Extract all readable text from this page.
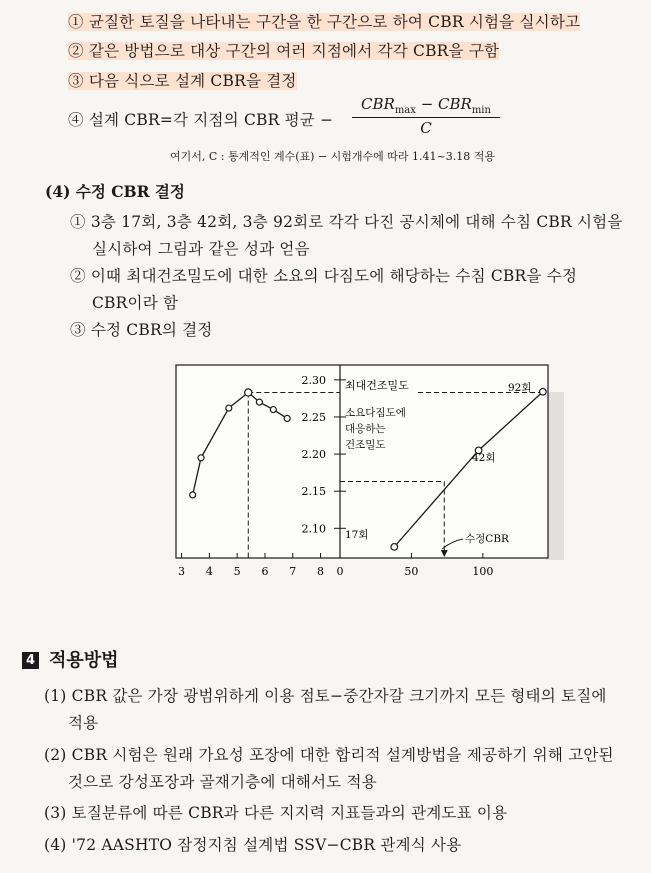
① 균질한 토질을 나타내는 구간을 한 구간으로 하여 CBR 시험을 실시하고
② 같은 방법으로 대상 구간의 여러 지점에서 각각 CBR을 구함
③ 다음 식으로 설계 CBR을 결정
④ 설계 CBR=각 지점의 CBR 평균 −
$CBR_{max} - CBR_{min}$
C
여기서, C : 통계적인 계수(표) − 시험개수에 따라 1.41~3.18 적용
(4) 수정 CBR 결정
① 3층 17회, 3층 42회, 3층 92회로 각각 다진 공시체에 대해 수침 CBR 시험을
실시하여 그림과 같은 성과 얻음
② 이때 최대건조밀도에 대한 소요의 다짐도에 해당하는 수침 CBR을 수정
CBR이라 함
③ 수정 CBR의 결정
2.30
2.25
2.20
2.15
2.10
3 4 5 6 7 8 0	50	100
최대건조밀도
소요다짐도에
대응하는
건조밀도
17회
42회
92회
수정CBR
4 적용방법
(1) CBR 값은 가장 광범위하게 이용 점토−중간자갈 크기까지 모든 형태의 토질에
적용
(2) CBR 시험은 원래 가요성 포장에 대한 합리적 설계방법을 제공하기 위해 고안된
것으로 강성포장과 골재기층에 대해서도 적용
(3) 토질분류에 따른 CBR과 다른 지지력 지표들과의 관계도표 이용
(4) '72 AASHTO 잠정지침 설계법 SSV−CBR 관계식 사용
